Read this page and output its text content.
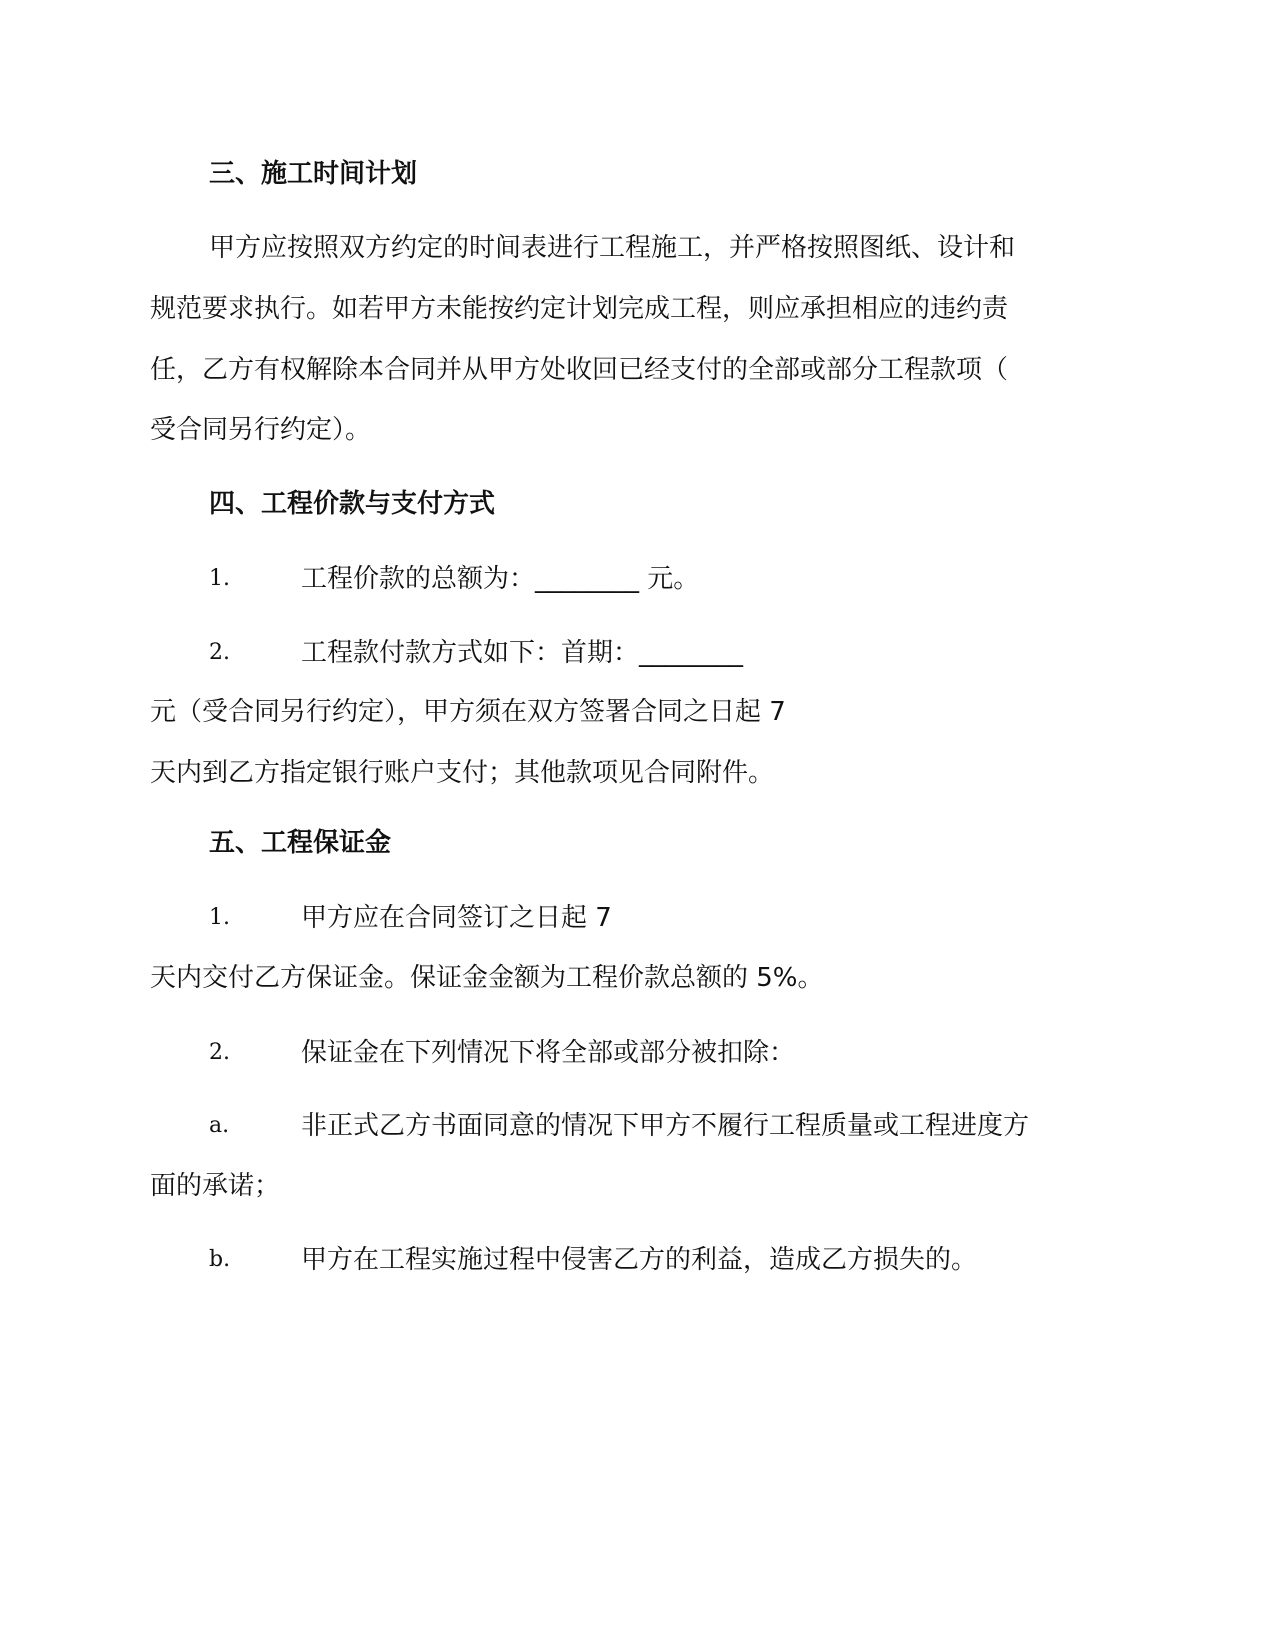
三、施工时间计划
甲方应按照双方约定的时间表进行工程施工，并严格按照图纸、设计和
规范要求执行。如若甲方未能按约定计划完成工程，则应承担相应的违约责
任，乙方有权解除本合同并从甲方处收回已经支付的全部或部分工程款项（
受合同另行约定）。
四、工程价款与支付方式
1.	工程价款的总额为：________ 元。
2.	工程款付款方式如下：首期：________
元（受合同另行约定），甲方须在双方签署合同之日起 7
天内到乙方指定银行账户支付；其他款项见合同附件。
五、工程保证金
1.	甲方应在合同签订之日起 7
天内交付乙方保证金。保证金金额为工程价款总额的 5%。
2.	保证金在下列情况下将全部或部分被扣除：
a.	非正式乙方书面同意的情况下甲方不履行工程质量或工程进度方
面的承诺；
b.	甲方在工程实施过程中侵害乙方的利益，造成乙方损失的。
